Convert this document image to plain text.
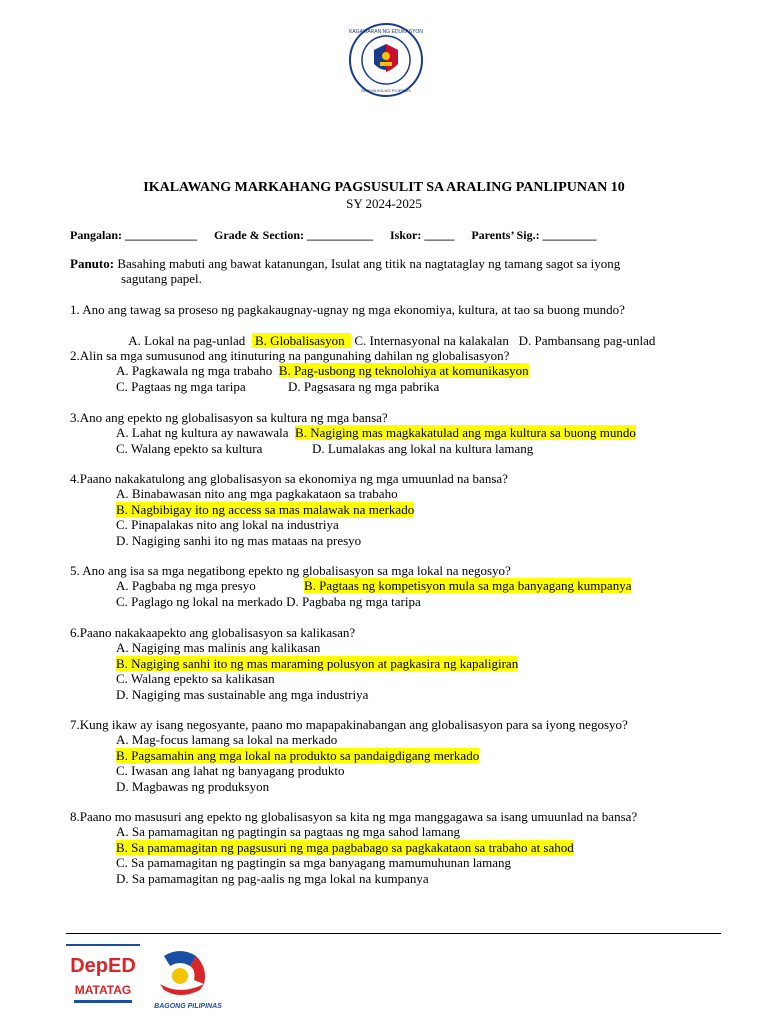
KAGAWARAN NG EDUKASYON
REPUBLIKA NG PILIPINAS
IKALAWANG MARKAHANG PAGSUSULIT SA ARALING PANLIPUNAN 10
SY 2024-2025
Pangalan: ____________ Grade & Section: ___________ Iskor: _____ Parents’ Sig.: _________
Panuto: Basahing mabuti ang bawat katanungan, Isulat ang titik na nagtataglay ng tamang sagot sa iyong
sagutang papel.
1. Ano ang tawag sa proseso ng pagkakaugnay-ugnay ng mga ekonomiya, kultura, at tao sa buong mundo?

A. Lokal na pag-unlad   B. Globalisasyon   C. Internasyonal na kalakalan   D. Pambansang pag-unlad

2.Alin sa mga sumusunod ang itinuturing na pangunahing dahilan ng globalisasyon?
A. Pagkawala ng mga trabaho  B. Pag-usbong ng teknolohiya at komunikasyon
C. Pagtaas ng mga taripa	D. Pagsasara ng mga pabrika
3.Ano ang epekto ng globalisasyon sa kultura ng mga bansa?
A. Lahat ng kultura ay nawawala  B. Nagiging mas magkakatulad ang mga kultura sa buong mundo
C. Walang epekto sa kultura	D. Lumalakas ang lokal na kultura lamang
4.Paano nakakatulong ang globalisasyon sa ekonomiya ng mga umuunlad na bansa?
A. Binabawasan nito ang mga pagkakataon sa trabaho
B. Nagbibigay ito ng access sa mas malawak na merkado
C. Pinapalakas nito ang lokal na industriya
D. Nagiging sanhi ito ng mas mataas na presyo
5. Ano ang isa sa mga negatibong epekto ng globalisasyon sa mga lokal na negosyo?
A. Pagbaba ng mga presyo	B. Pagtaas ng kompetisyon mula sa mga banyagang kumpanya
C. Paglago ng lokal na merkado D. Pagbaba ng mga taripa
6.Paano nakakaapekto ang globalisasyon sa kalikasan?
A. Nagiging mas malinis ang kalikasan
B. Nagiging sanhi ito ng mas maraming polusyon at pagkasira ng kapaligiran
C. Walang epekto sa kalikasan
D. Nagiging mas sustainable ang mga industriya
7.Kung ikaw ay isang negosyante, paano mo mapapakinabangan ang globalisasyon para sa iyong negosyo?
A. Mag-focus lamang sa lokal na merkado
B. Pagsamahin ang mga lokal na produkto sa pandaigdigang merkado
C. Iwasan ang lahat ng banyagang produkto
D. Magbawas ng produksyon
8.Paano mo masusuri ang epekto ng globalisasyon sa kita ng mga manggagawa sa isang umuunlad na bansa?
A. Sa pamamagitan ng pagtingin sa pagtaas ng mga sahod lamang
B. Sa pamamagitan ng pagsusuri ng mga pagbabago sa pagkakataon sa trabaho at sahod
C. Sa pamamagitan ng pagtingin sa mga banyagang mamumuhunan lamang
D. Sa pamamagitan ng pag-aalis ng mga lokal na kumpanya
DepED
MATATAG
BAGONG PILIPINAS
